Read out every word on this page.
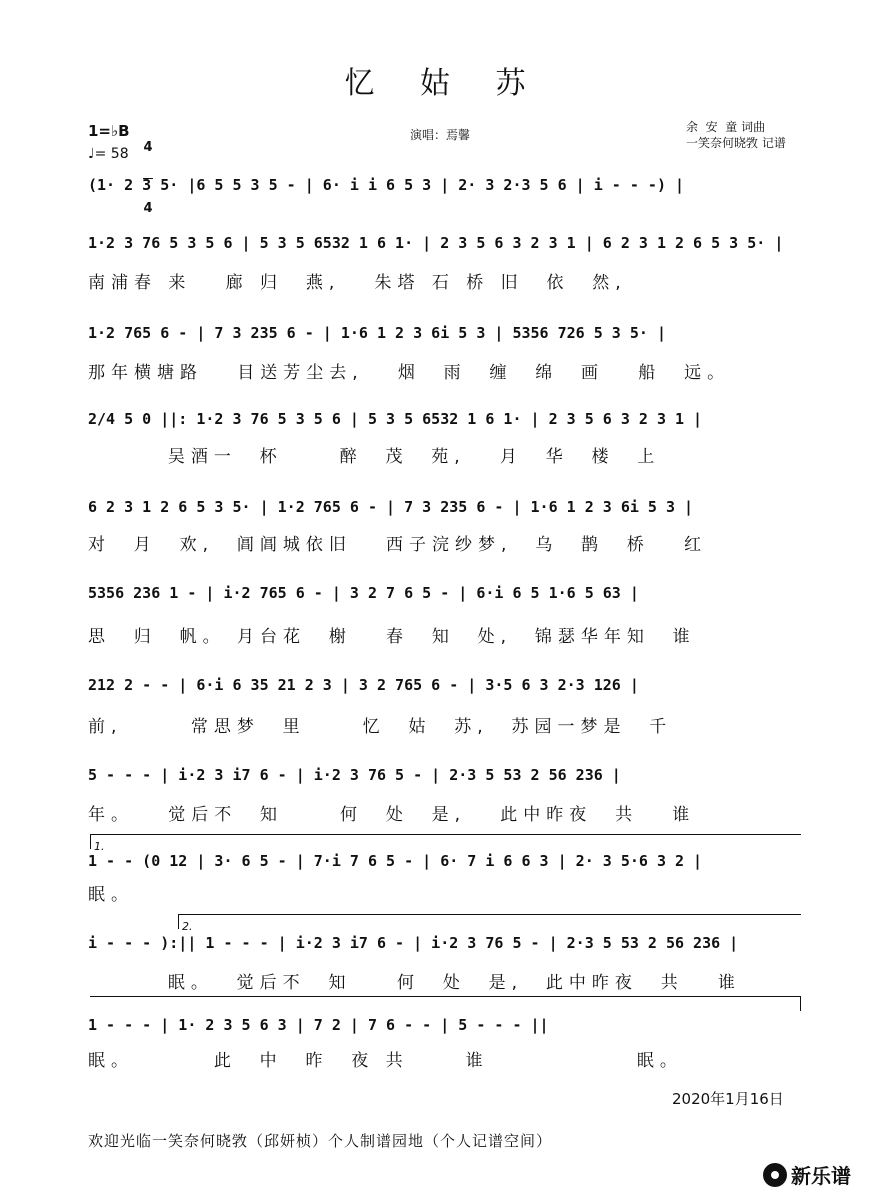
忆 姑 苏
1=♭B

4

4

♩= 58
演唱：焉馨
余  安  童 词曲
一笑奈何晓敩 记谱
(1· 2 3 5· |6 5 5 3 5 - | 6· i i 6 5 3 | 2· 3 2·3 5 6 | i - - -) |
1·2 3 76 5 3 5 6 | 5 3 5 6532 1 6 1· | 2 3 5 6 3 2 3 1 | 6 2 3 1 2 6 5 3 5· |
南浦春 来   廊 归  燕,   朱塔 石 桥 旧  依  然,
1·2 765 6 - | 7 3 235 6 - | 1·6 1 2 3 6i 5 3 | 5356 726 5 3 5· |
那年横塘路   目送芳尘去,   烟  雨  缠  绵  画   船  远。
2/4 5 0 ||: 1·2 3 76 5 3 5 6 | 5 3 5 6532 1 6 1· | 2 3 5 6 3 2 3 1 |
吴酒一  杯     醉  茂  苑,   月  华  楼  上
6 2 3 1 2 6 5 3 5· | 1·2 765 6 - | 7 3 235 6 - | 1·6 1 2 3 6i 5 3 |
对  月  欢,  阊阊城依旧   西子浣纱梦,  乌  鹊  桥   红
5356 236 1 - | i·2 765 6 - | 3 2 7 6 5 - | 6·i 6 5 1·6 5 63 |
思  归  帆。 月台花  榭   春  知  处,  锦瑟华年知  谁
212 2 - - | 6·i 6 35 21 2 3 | 3 2 765 6 - | 3·5 6 3 2·3 126 |
前,      常思梦  里     忆  姑  苏,  苏园一梦是  千
5 - - - | i·2 3 i7 6 - | i·2 3 76 5 - | 2·3 5 53 2 56 236 |
年。   觉后不  知     何  处  是,   此中昨夜  共   谁
1.
1 - - (0 12 | 3· 6 5 - | 7·i 7 6 5 - | 6· 7 i 6 6 3 | 2· 3 5·6 3 2 |
眠。
2.
i - - - ):|| 1 - - - | i·2 3 i7 6 - | i·2 3 76 5 - | 2·3 5 53 2 56 236 |
眠。  觉后不  知    何  处  是,  此中昨夜  共   谁
1 - - - | 1· 2 3 5 6 3 | 7 2 | 7 6 - - | 5 - - - ||
眠。       此  中  昨  夜 共     谁             眠。
2020年1月16日
欢迎光临一笑奈何晓敩（邱妍桢）个人制谱园地（个人记谱空间）
新乐谱
